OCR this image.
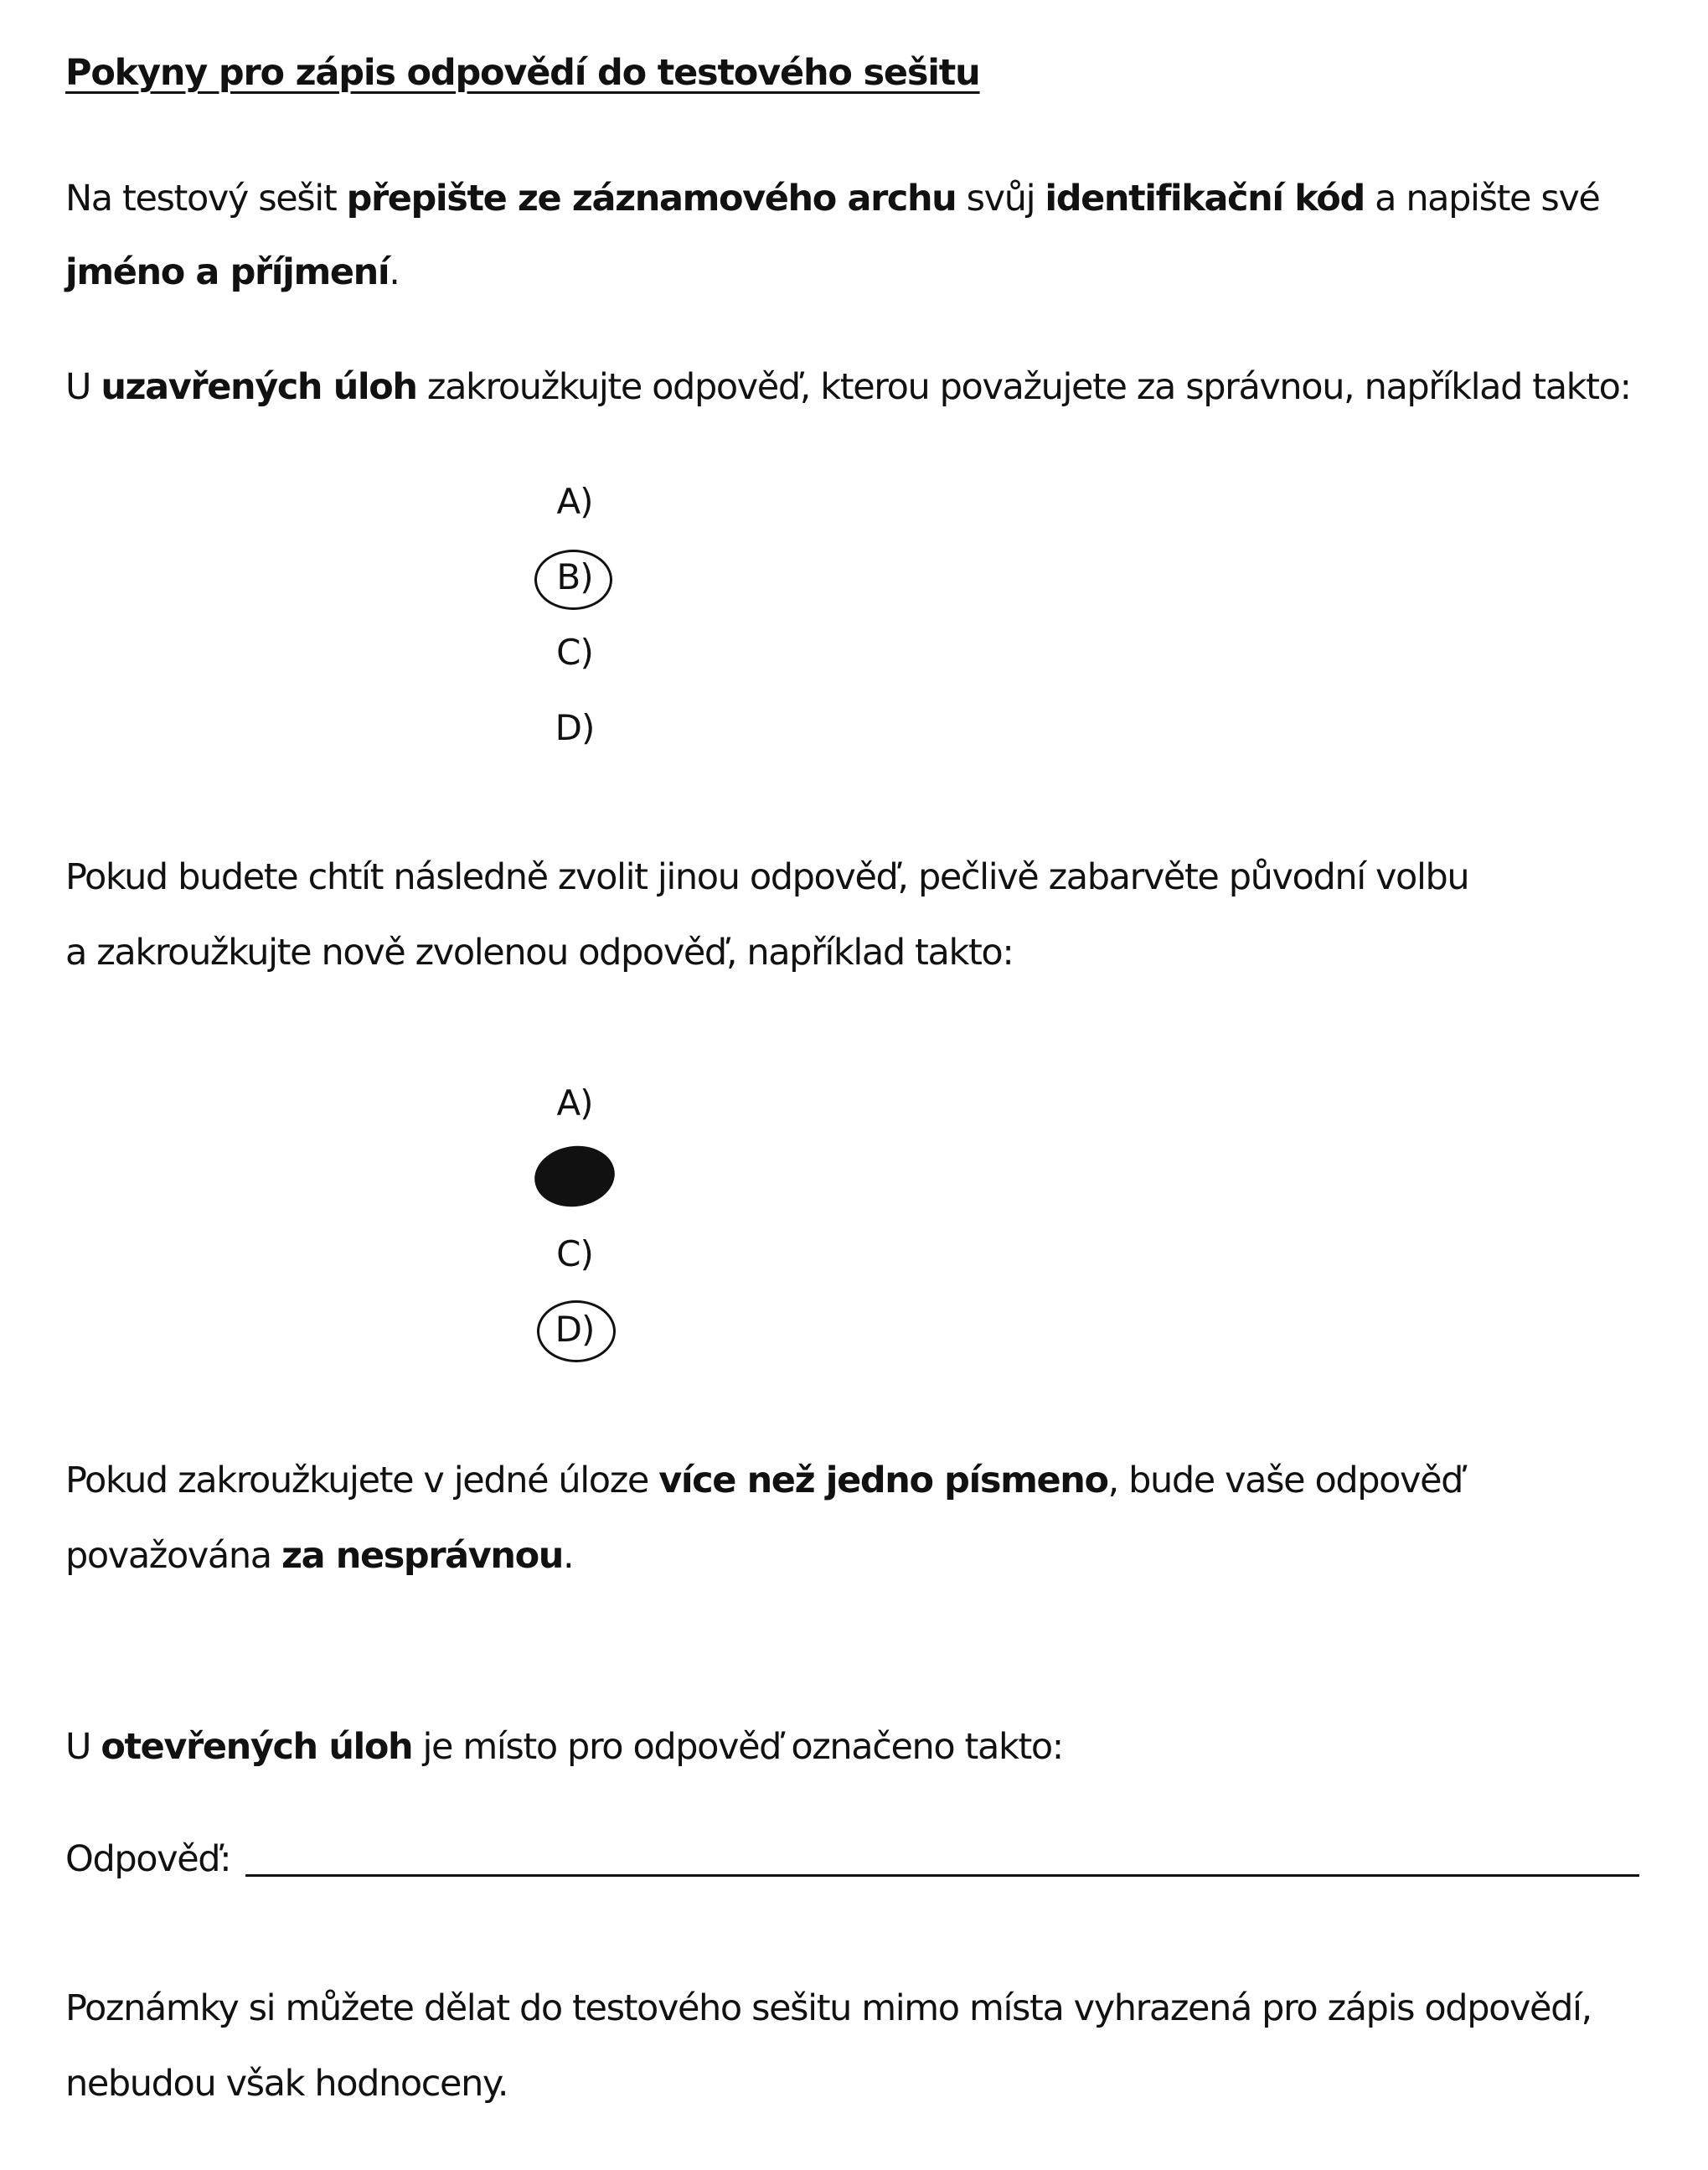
Pokyny pro zápis odpovědí do testového sešitu
Na testový sešit přepište ze záznamového archu svůj identifikační kód a napište své
jméno a příjmení.
U uzavřených úloh zakroužkujte odpověď, kterou považujete za správnou, například takto:
A)
B)
C)
D)
Pokud budete chtít následně zvolit jinou odpověď, pečlivě zabarvěte původní volbu
a zakroužkujte nově zvolenou odpověď, například takto:
A)
C)
D)
Pokud zakroužkujete v jedné úloze více než jedno písmeno, bude vaše odpověď
považována za nesprávnou.
U otevřených úloh je místo pro odpověď označeno takto:
Odpověď:
Poznámky si můžete dělat do testového sešitu mimo místa vyhrazená pro zápis odpovědí,
nebudou však hodnoceny.
